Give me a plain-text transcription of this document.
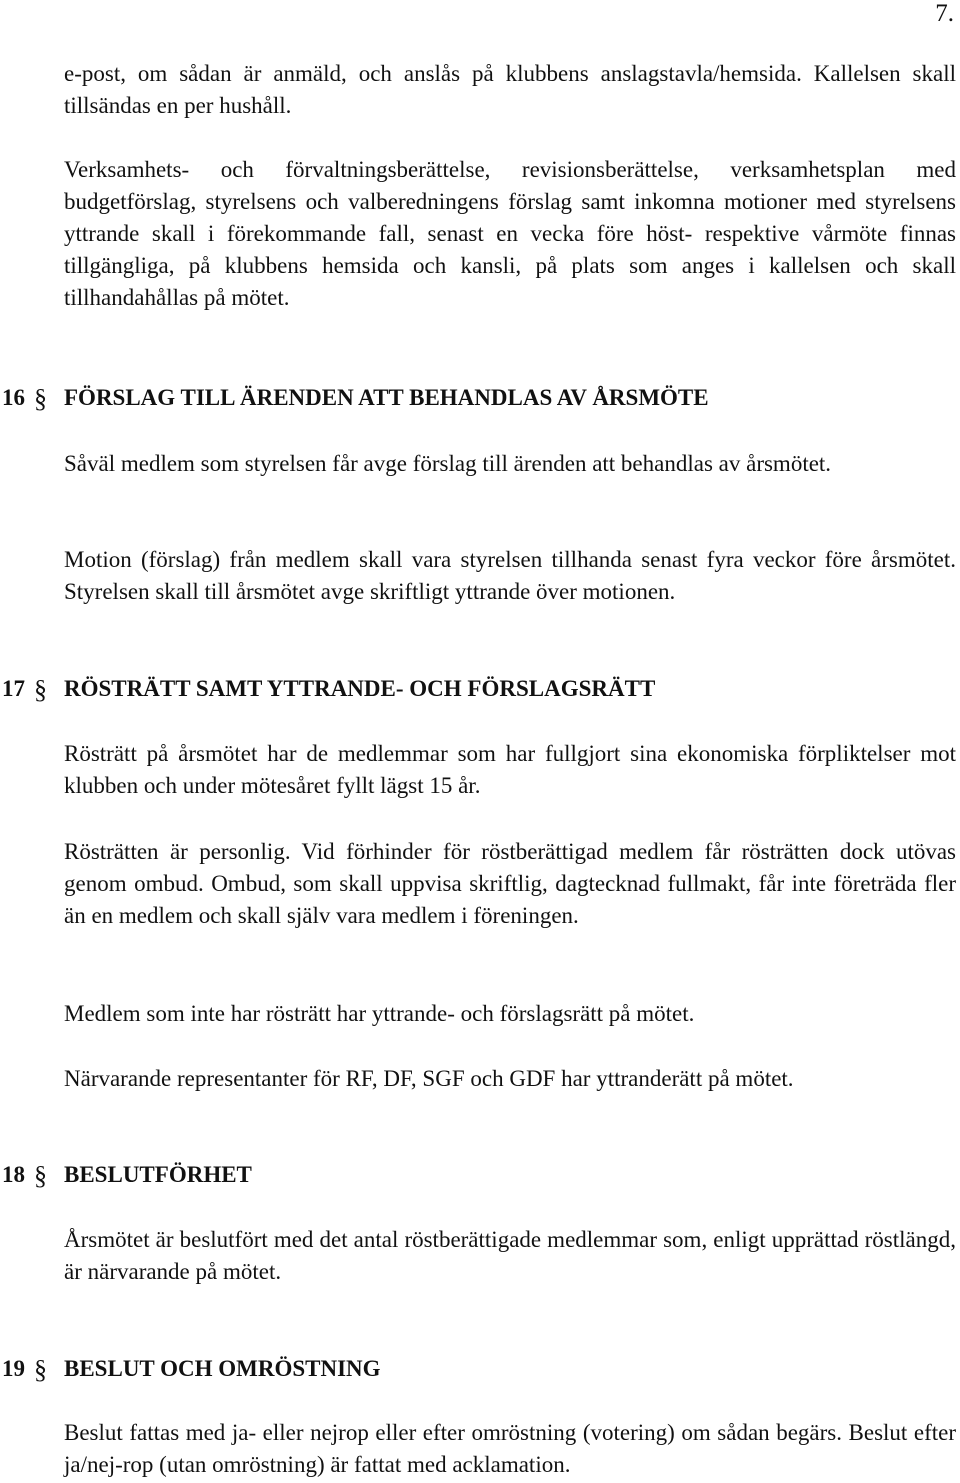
7.

e-post, om sådan är anmäld, och anslås på klubbens anslagstavla/hemsida. Kallelsen skall tillsändas en per hushåll.

Verksamhets- och förvaltningsberättelse, revisionsberättelse, verksamhetsplan med budgetförslag, styrelsens och valberedningens förslag samt inkomna motioner med styrelsens yttrande skall i förekommande fall, senast en vecka före höst- respektive vårmöte finnas tillgängliga, på klubbens hemsida och kansli, på plats som anges i kallelsen och skall tillhandahållas på mötet.

16 § FÖRSLAG TILL ÄRENDEN ATT BEHANDLAS AV ÅRSMÖTE

Såväl medlem som styrelsen får avge förslag till ärenden att behandlas av årsmötet.

Motion (förslag) från medlem skall vara styrelsen tillhanda senast fyra veckor före årsmötet. Styrelsen skall till årsmötet avge skriftligt yttrande över motionen.

17 § RÖSTRÄTT SAMT YTTRANDE- OCH FÖRSLAGSRÄTT

Rösträtt på årsmötet har de medlemmar som har fullgjort sina ekonomiska förpliktelser mot klubben och under mötesåret fyllt lägst 15 år.

Rösträtten är personlig. Vid förhinder för röstberättigad medlem får rösträtten dock utövas genom ombud. Ombud, som skall uppvisa skriftlig, dagtecknad fullmakt, får inte företräda fler än en medlem och skall själv vara medlem i föreningen.

Medlem som inte har rösträtt har yttrande- och förslagsrätt på mötet.

Närvarande representanter för RF, DF, SGF och GDF har yttranderätt på mötet.

18 § BESLUTFÖRHET

Årsmötet är beslutfört med det antal röstberättigade medlemmar som, enligt upprättad röstlängd, är närvarande på mötet.

19 § BESLUT OCH OMRÖSTNING

Beslut fattas med ja- eller nejrop eller efter omröstning (votering) om sådan begärs. Beslut efter ja/nej-rop (utan omröstning) är fattat med acklamation.
